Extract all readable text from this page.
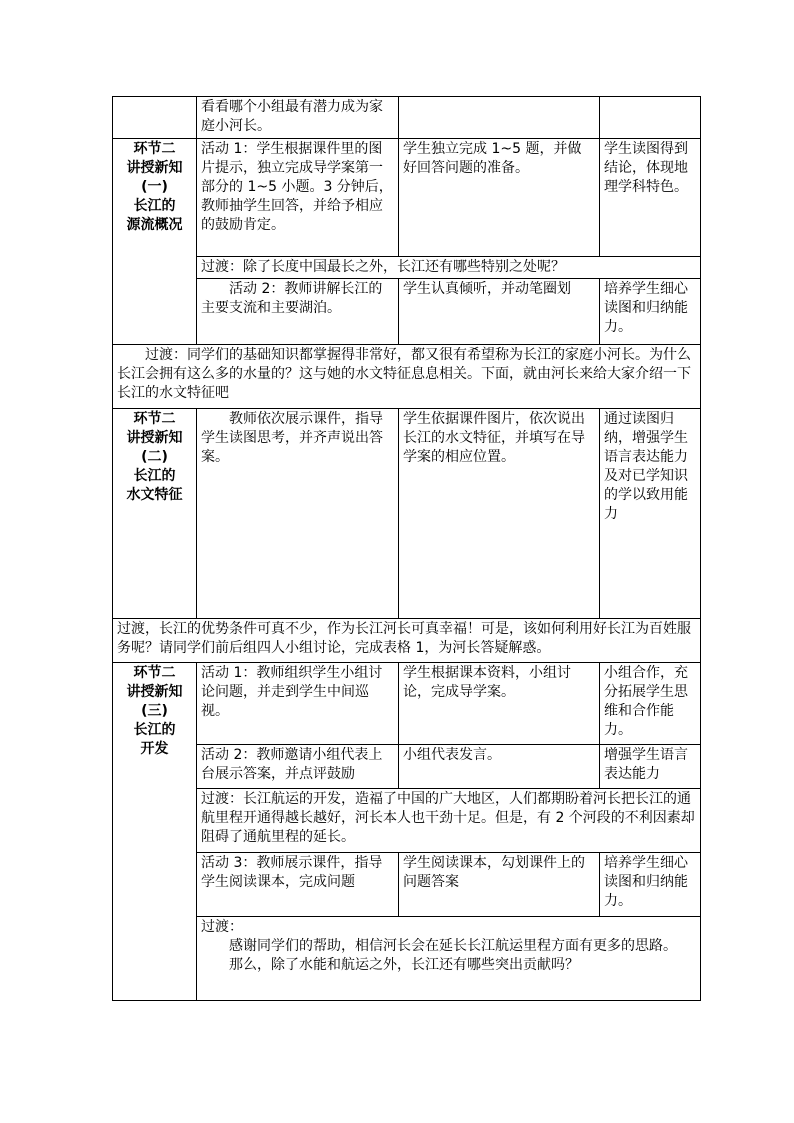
	看看哪个小组最有潜力成为家庭小河长。		

环节二
讲授新知
(一)
长江的
源流概况	活动 1：学生根据课件里的图片提示，独立完成导学案第一部分的 1~5 小题。3 分钟后，教师抽学生回答，并给予相应的鼓励肯定。	学生独立完成 1~5 题，并做好回答问题的准备。	学生读图得到结论，体现地理学科特色。
	过渡：除了长度中国最长之外，长江还有哪些特别之处呢？		

	活动 2：教师讲解长江的主要支流和主要湖泊。	学生认真倾听，并动笔圈划	培养学生细心读图和归纳能力。

过渡：同学们的基础知识都掌握得非常好，都又很有希望称为长江的家庭小河长。为什么长江会拥有这么多的水量的？这与她的水文特征息息相关。下面，就由河长来给大家介绍一下长江的水文特征吧			

环节二
讲授新知
(二)
长江的
水文特征	教师依次展示课件，指导学生读图思考，并齐声说出答案。	学生依据课件图片，依次说出长江的水文特征，并填写在导学案的相应位置。	通过读图归纳，增强学生语言表达能力及对已学知识的学以致用能力
过渡，长江的优势条件可真不少，作为长江河长可真幸福！可是，该如何利用好长江为百姓服务呢？请同学们前后组四人小组讨论，完成表格 1，为河长答疑解惑。			

环节二
讲授新知
(三)
长江的
开发	活动 1：教师组织学生小组讨论问题，并走到学生中间巡视。	学生根据课本资料，小组讨论，完成导学案。	小组合作，充分拓展学生思维和合作能力。
	活动 2：教师邀请小组代表上台展示答案，并点评鼓励	小组代表发言。	增强学生语言表达能力
	过渡：长江航运的开发，造福了中国的广大地区，人们都期盼着河长把长江的通航里程开通得越长越好，河长本人也干劲十足。但是，有 2 个河段的不利因素却阻碍了通航里程的延长。		
	活动 3：教师展示课件，指导学生阅读课本，完成问题	学生阅读课本，勾划课件上的问题答案	培养学生细心读图和归纳能力。

	过渡：
感谢同学们的帮助，相信河长会在延长长江航运里程方面有更多的思路。
那么，除了水能和航运之外，长江还有哪些突出贡献吗？		
